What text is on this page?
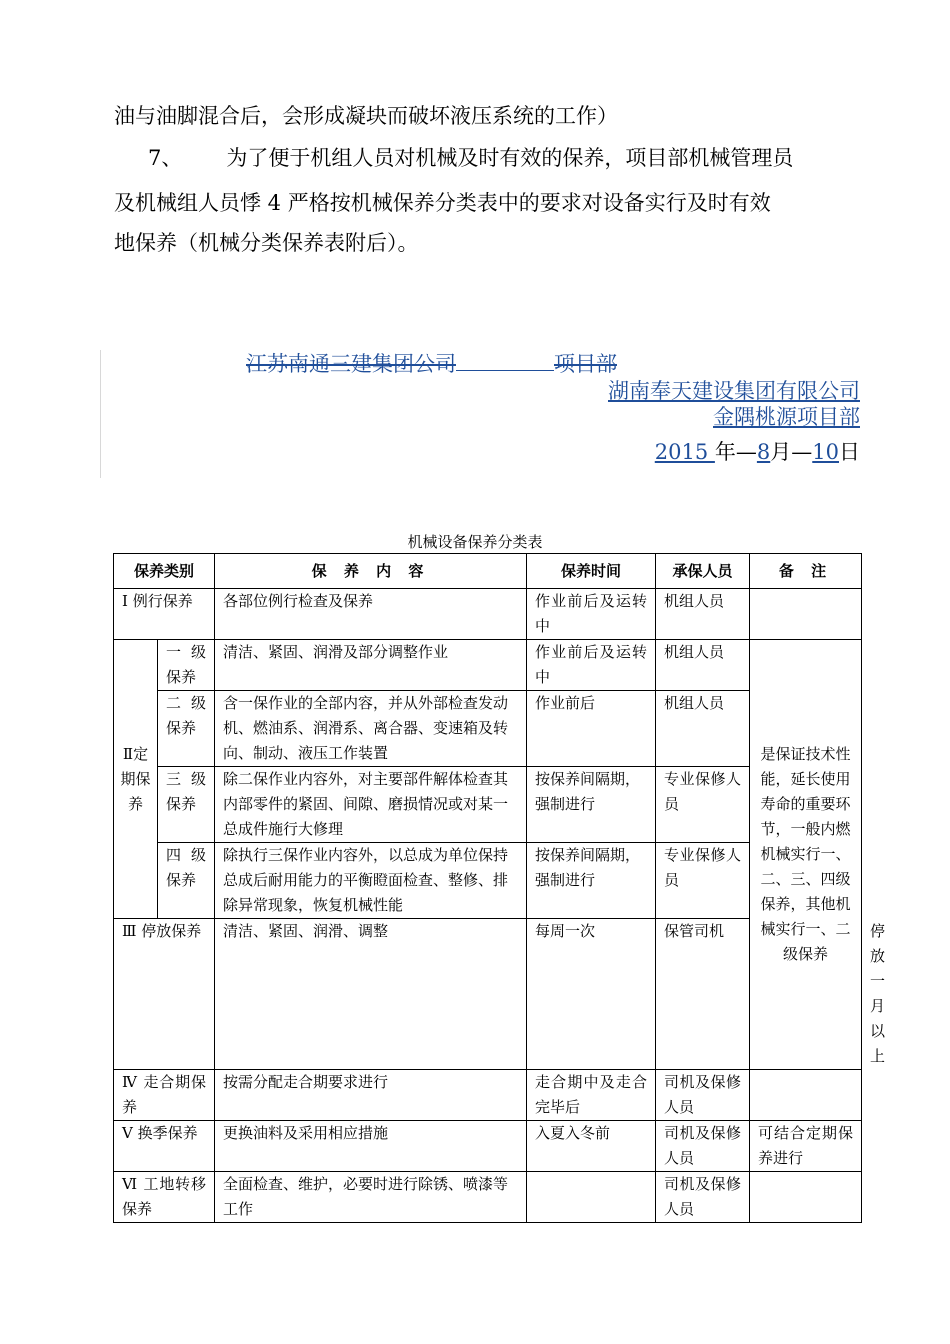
油与油脚混合后，会形成凝块而破坏液压系统的工作）
7、 为了便于机组人员对机械及时有效的保养，项目部机械管理员
及机械组人员悸 4 严格按机械保养分类表中的要求对设备实行及时有效
地保养（机械分类保养表附后）。
江苏南通三建集团公司	项目部
湖南奉天建设集团有限公司
金隅桃源项目部
2015 年—8月—10日
机械设备保养分类表
保养类别		保 养 内 容	保养时间	承保人员	备 注	
Ⅰ 例行保养		各部位例行检查及保养	作业前后及运转中	机组人员		
Ⅱ定期保养	一级保养	清洁、紧固、润滑及部分调整作业	作业前后及运转中	机组人员	是保证技术性能，延长使用寿命的重要环节，一般内燃机械实行一、二、三、四级保养，其他机械实行一、二级保养	
	二级保养	含一保作业的全部内容，并从外部检查发动机、燃油系、润滑系、离合器、变速箱及转向、制动、液压工作装置	作业前后	机组人员		
	三级保养	除二保作业内容外，对主要部件解体检查其内部零件的紧固、间隙、磨损情况或对某一总成件施行大修理	按保养间隔期，强制进行	专业保修人员		
	四级保养	除执行三保作业内容外，以总成为单位保持总成后耐用能力的平衡瞪面检查、整修、排除异常现象，恢复机械性能	按保养间隔期，强制进行	专业保修人员		
Ⅲ 停放保养		清洁、紧固、润滑、调整	每周一次	保管司机		停放一月以上
Ⅳ 走合期保养		按需分配走合期要求进行	走合期中及走合完毕后	司机及保修人员		
Ⅴ 换季保养		更换油料及采用相应措施	入夏入冬前	司机及保修人员	可结合定期保养进行	
Ⅵ 工地转移保养		全面检查、维护，必要时进行除锈、喷漆等工作		司机及保修人员		
